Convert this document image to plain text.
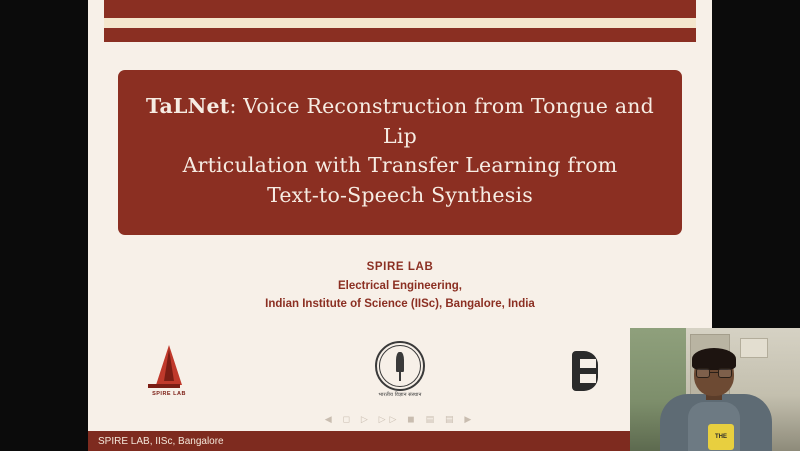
TaLNet: Voice Reconstruction from Tongue and Lip
Articulation with Transfer Learning from
Text-to-Speech Synthesis
SPIRE LAB
Electrical Engineering,
Indian Institute of Science (IISc), Bangalore, India
SPIRE LAB	भारतीय विज्ञान संस्थान
◀ ◻ ▷ ▷▷ ◼ ▤ ▤ ▶
SPIRE LAB, IISc, Bangalore	THE
